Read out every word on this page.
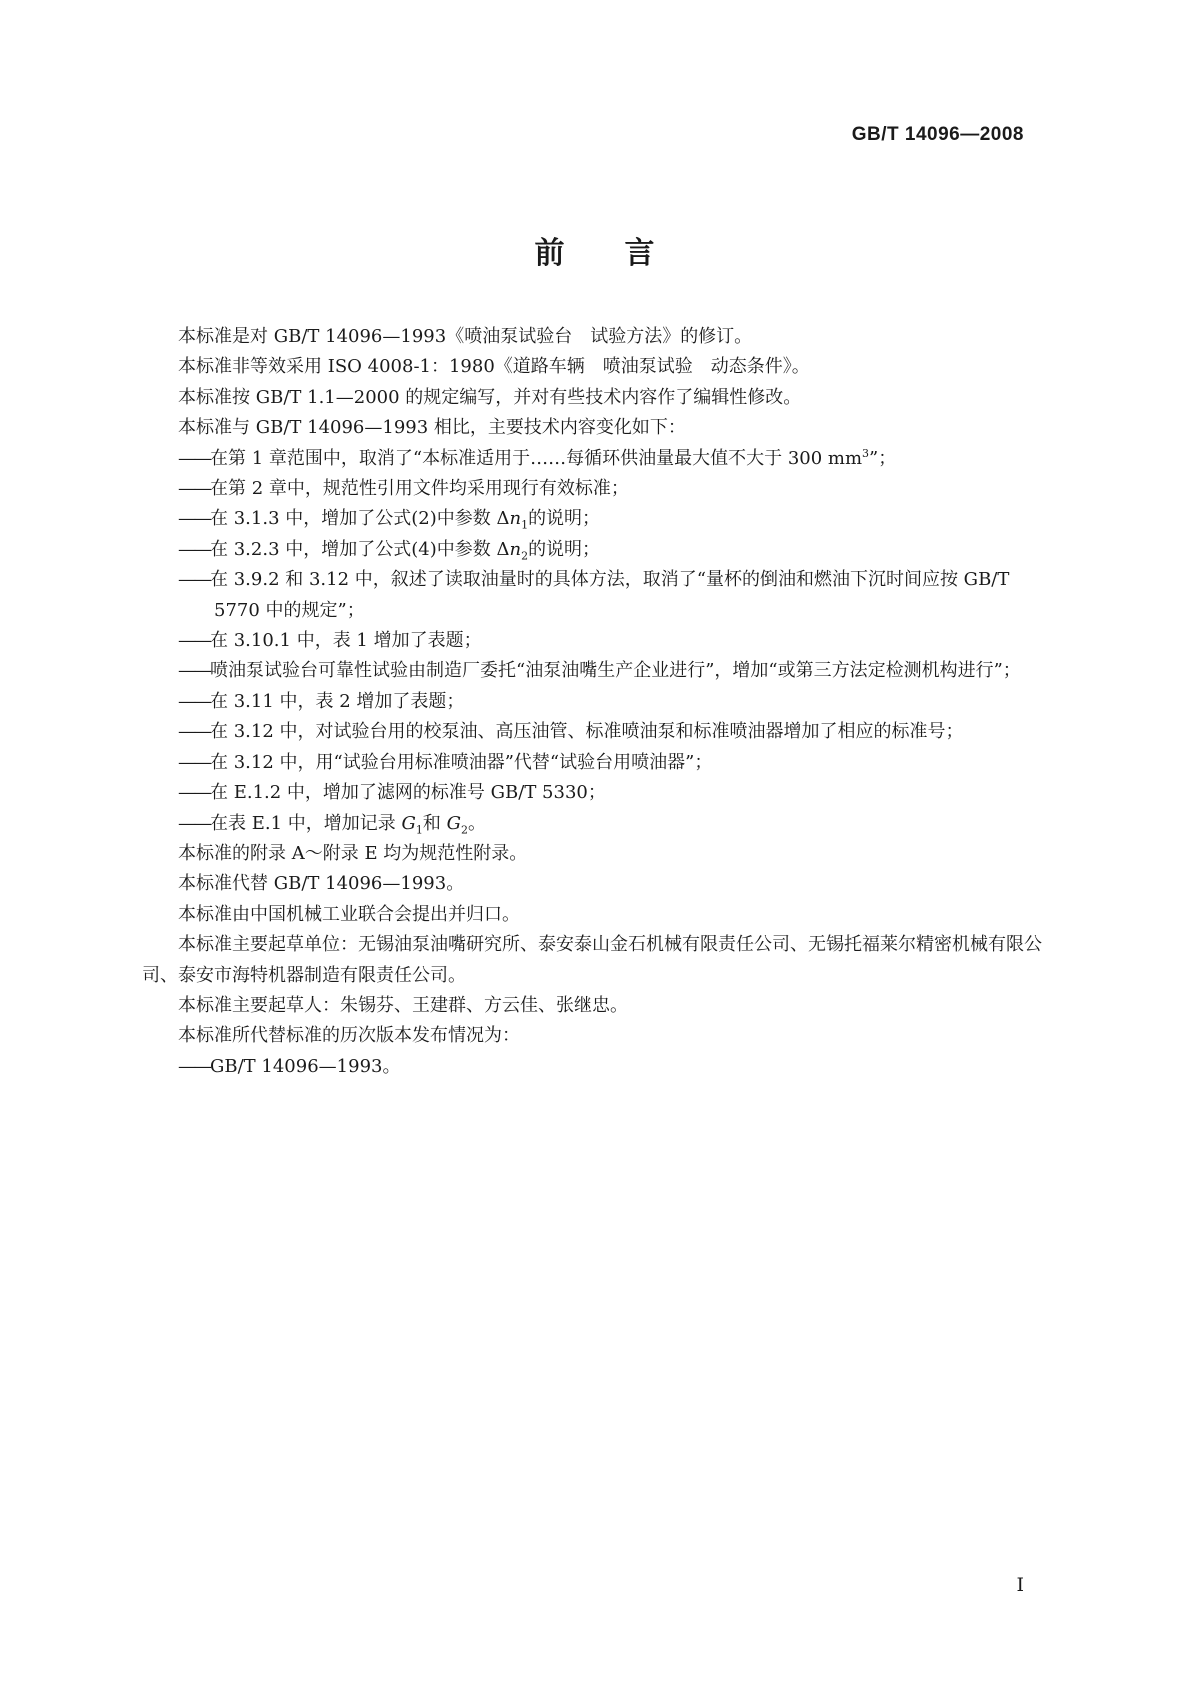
GB/T 14096—2008
前 言

本标准是对 GB/T 14096—1993《喷油泵试验台　试验方法》的修订。

本标准非等效采用 ISO 4008-1：1980《道路车辆　喷油泵试验　动态条件》。

本标准按 GB/T 1.1—2000 的规定编写，并对有些技术内容作了编辑性修改。

本标准与 GB/T 14096—1993 相比，主要技术内容变化如下：

——在第 1 章范围中，取消了“本标准适用于……每循环供油量最大值不大于 300 $mm^3$”；

——在第 2 章中，规范性引用文件均采用现行有效标准；

——在 3.1.3 中，增加了公式(2)中参数 $\Delta n_1$的说明；

——在 3.2.3 中，增加了公式(4)中参数 $\Delta n_2$的说明；

——在 3.9.2 和 3.12 中，叙述了读取油量时的具体方法，取消了“量杯的倒油和燃油下沉时间应按 GB/T 5770 中的规定”；

——在 3.10.1 中，表 1 增加了表题；

——喷油泵试验台可靠性试验由制造厂委托“油泵油嘴生产企业进行”，增加“或第三方法定检测机构进行”；

——在 3.11 中，表 2 增加了表题；

——在 3.12 中，对试验台用的校泵油、高压油管、标准喷油泵和标准喷油器增加了相应的标准号；

——在 3.12 中，用“试验台用标准喷油器”代替“试验台用喷油器”；

——在 E.1.2 中，增加了滤网的标准号 GB/T 5330；

——在表 E.1 中，增加记录 $G_1$和 $G_2$。

本标准的附录 A～附录 E 均为规范性附录。

本标准代替 GB/T 14096—1993。

本标准由中国机械工业联合会提出并归口。

本标准主要起草单位：无锡油泵油嘴研究所、泰安泰山金石机械有限责任公司、无锡托福莱尔精密机械有限公司、泰安市海特机器制造有限责任公司。

本标准主要起草人：朱锡芬、王建群、方云佳、张继忠。

本标准所代替标准的历次版本发布情况为：

——GB/T 14096—1993。

I
